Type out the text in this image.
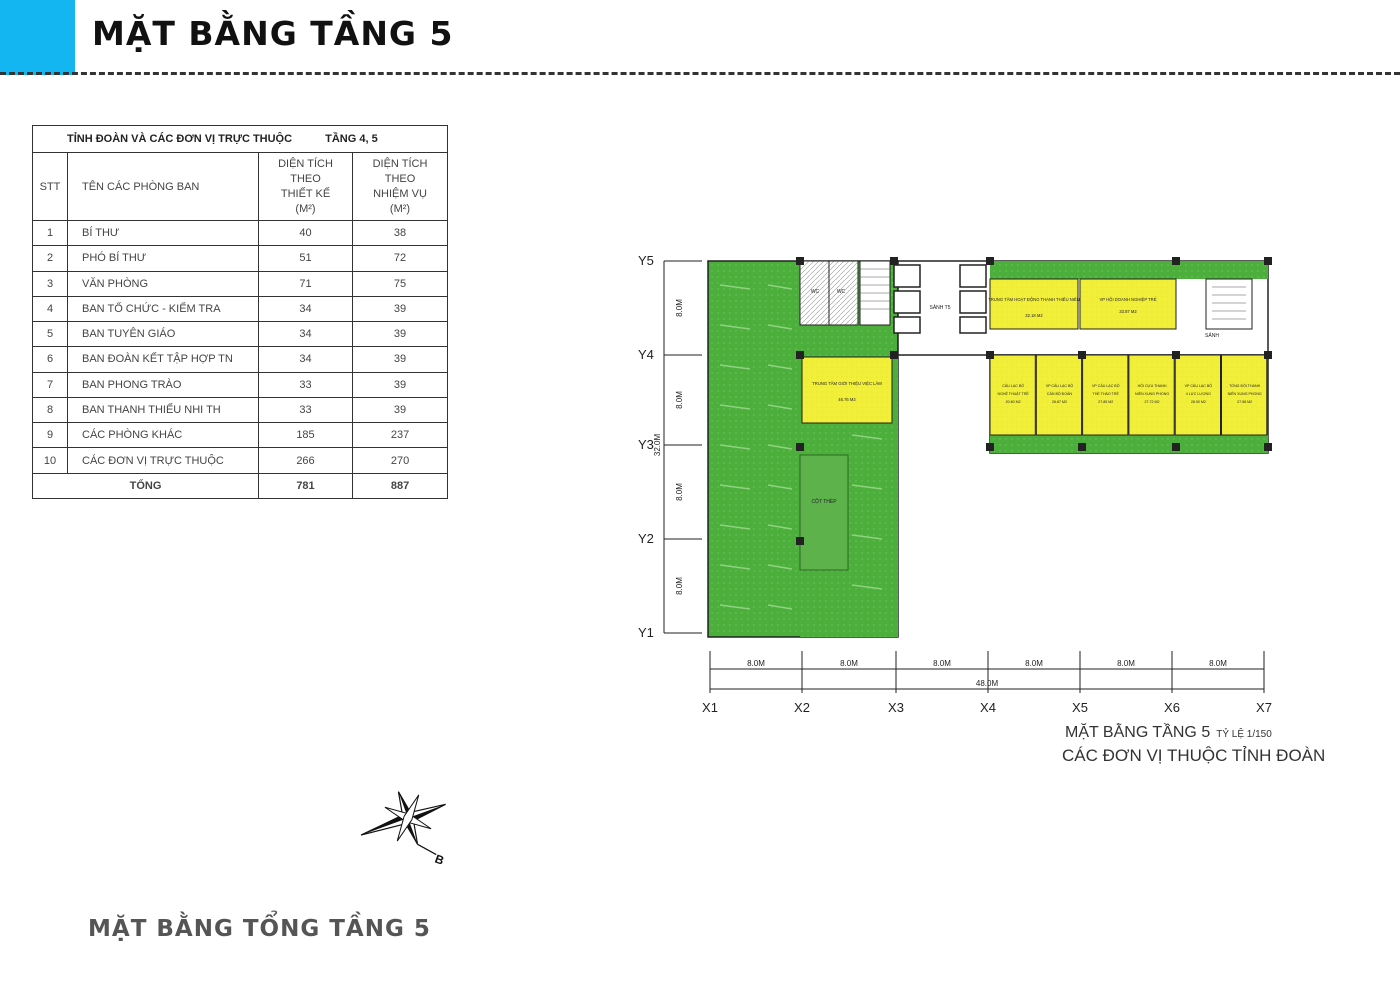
MẶT BẰNG TẦNG 5
TỈNH ĐOÀN VÀ CÁC ĐƠN VỊ TRỰC THUỘC TẦNG 4, 5			
STT	TÊN CÁC PHÒNG BAN	DIỆN TÍCH THEO THIẾT KẾ (M²)	DIỆN TÍCH THEO NHIỆM VỤ (M²)
1	BÍ THƯ	40	38
2	PHÓ BÍ THƯ	51	72
3	VĂN PHÒNG	71	75
4	BAN TỔ CHỨC - KIỂM TRA	34	39
5	BAN TUYÊN GIÁO	34	39
6	BAN ĐOÀN KẾT TẬP HỢP TN	34	39
7	BAN PHONG TRÀO	33	39
8	BAN THANH THIẾU NHI TH	33	39
9	CÁC PHÒNG KHÁC	185	237
10	CÁC ĐƠN VỊ TRỰC THUỘC	266	270
TỔNG		781	887
CỘT THÉP
WC	WC
SẢNH T5
TRUNG TÂM HOẠT ĐỘNG THANH THIẾU NIÊN
32.18 M2
VP HỘI DOANH NGHIỆP TRẺ
33.87 M2
SẢNH
TRUNG TÂM GIỚI THIỆU VIỆC LÀM
46.76 M2
CÂU LẠC BỘ
NGHỆ THUẬT TRẺ
20.60 M2
VP CÂU LẠC BỘ
CÁN BỘ ĐOÀN
26.87 M2
VP CÂU LẠC BỘ
THỂ THAO TRẺ
27.85 M2
HỘI CỰU THANH
NIÊN XUNG PHONG
27.72 M2
VP CÂU LẠC BỘ
4 LỰC LƯỢNG
28.00 M2
TỔNG ĐỘI THANH
NIÊN XUNG PHONG
27.58 M2
Y5
Y4
Y3
Y2
Y1
8.0M
8.0M
8.0M
8.0M
32.0M
X1	X2	X3	X4	X5	X6	X7
8.0M	8.0M	8.0M	8.0M	8.0M	8.0M
48.0M
MẶT BẰNG TẦNG 5 TỶ LỆ 1/150
CÁC ĐƠN VỊ THUỘC TỈNH ĐOÀN
B
MẶT BẰNG TỔNG TẦNG 5
